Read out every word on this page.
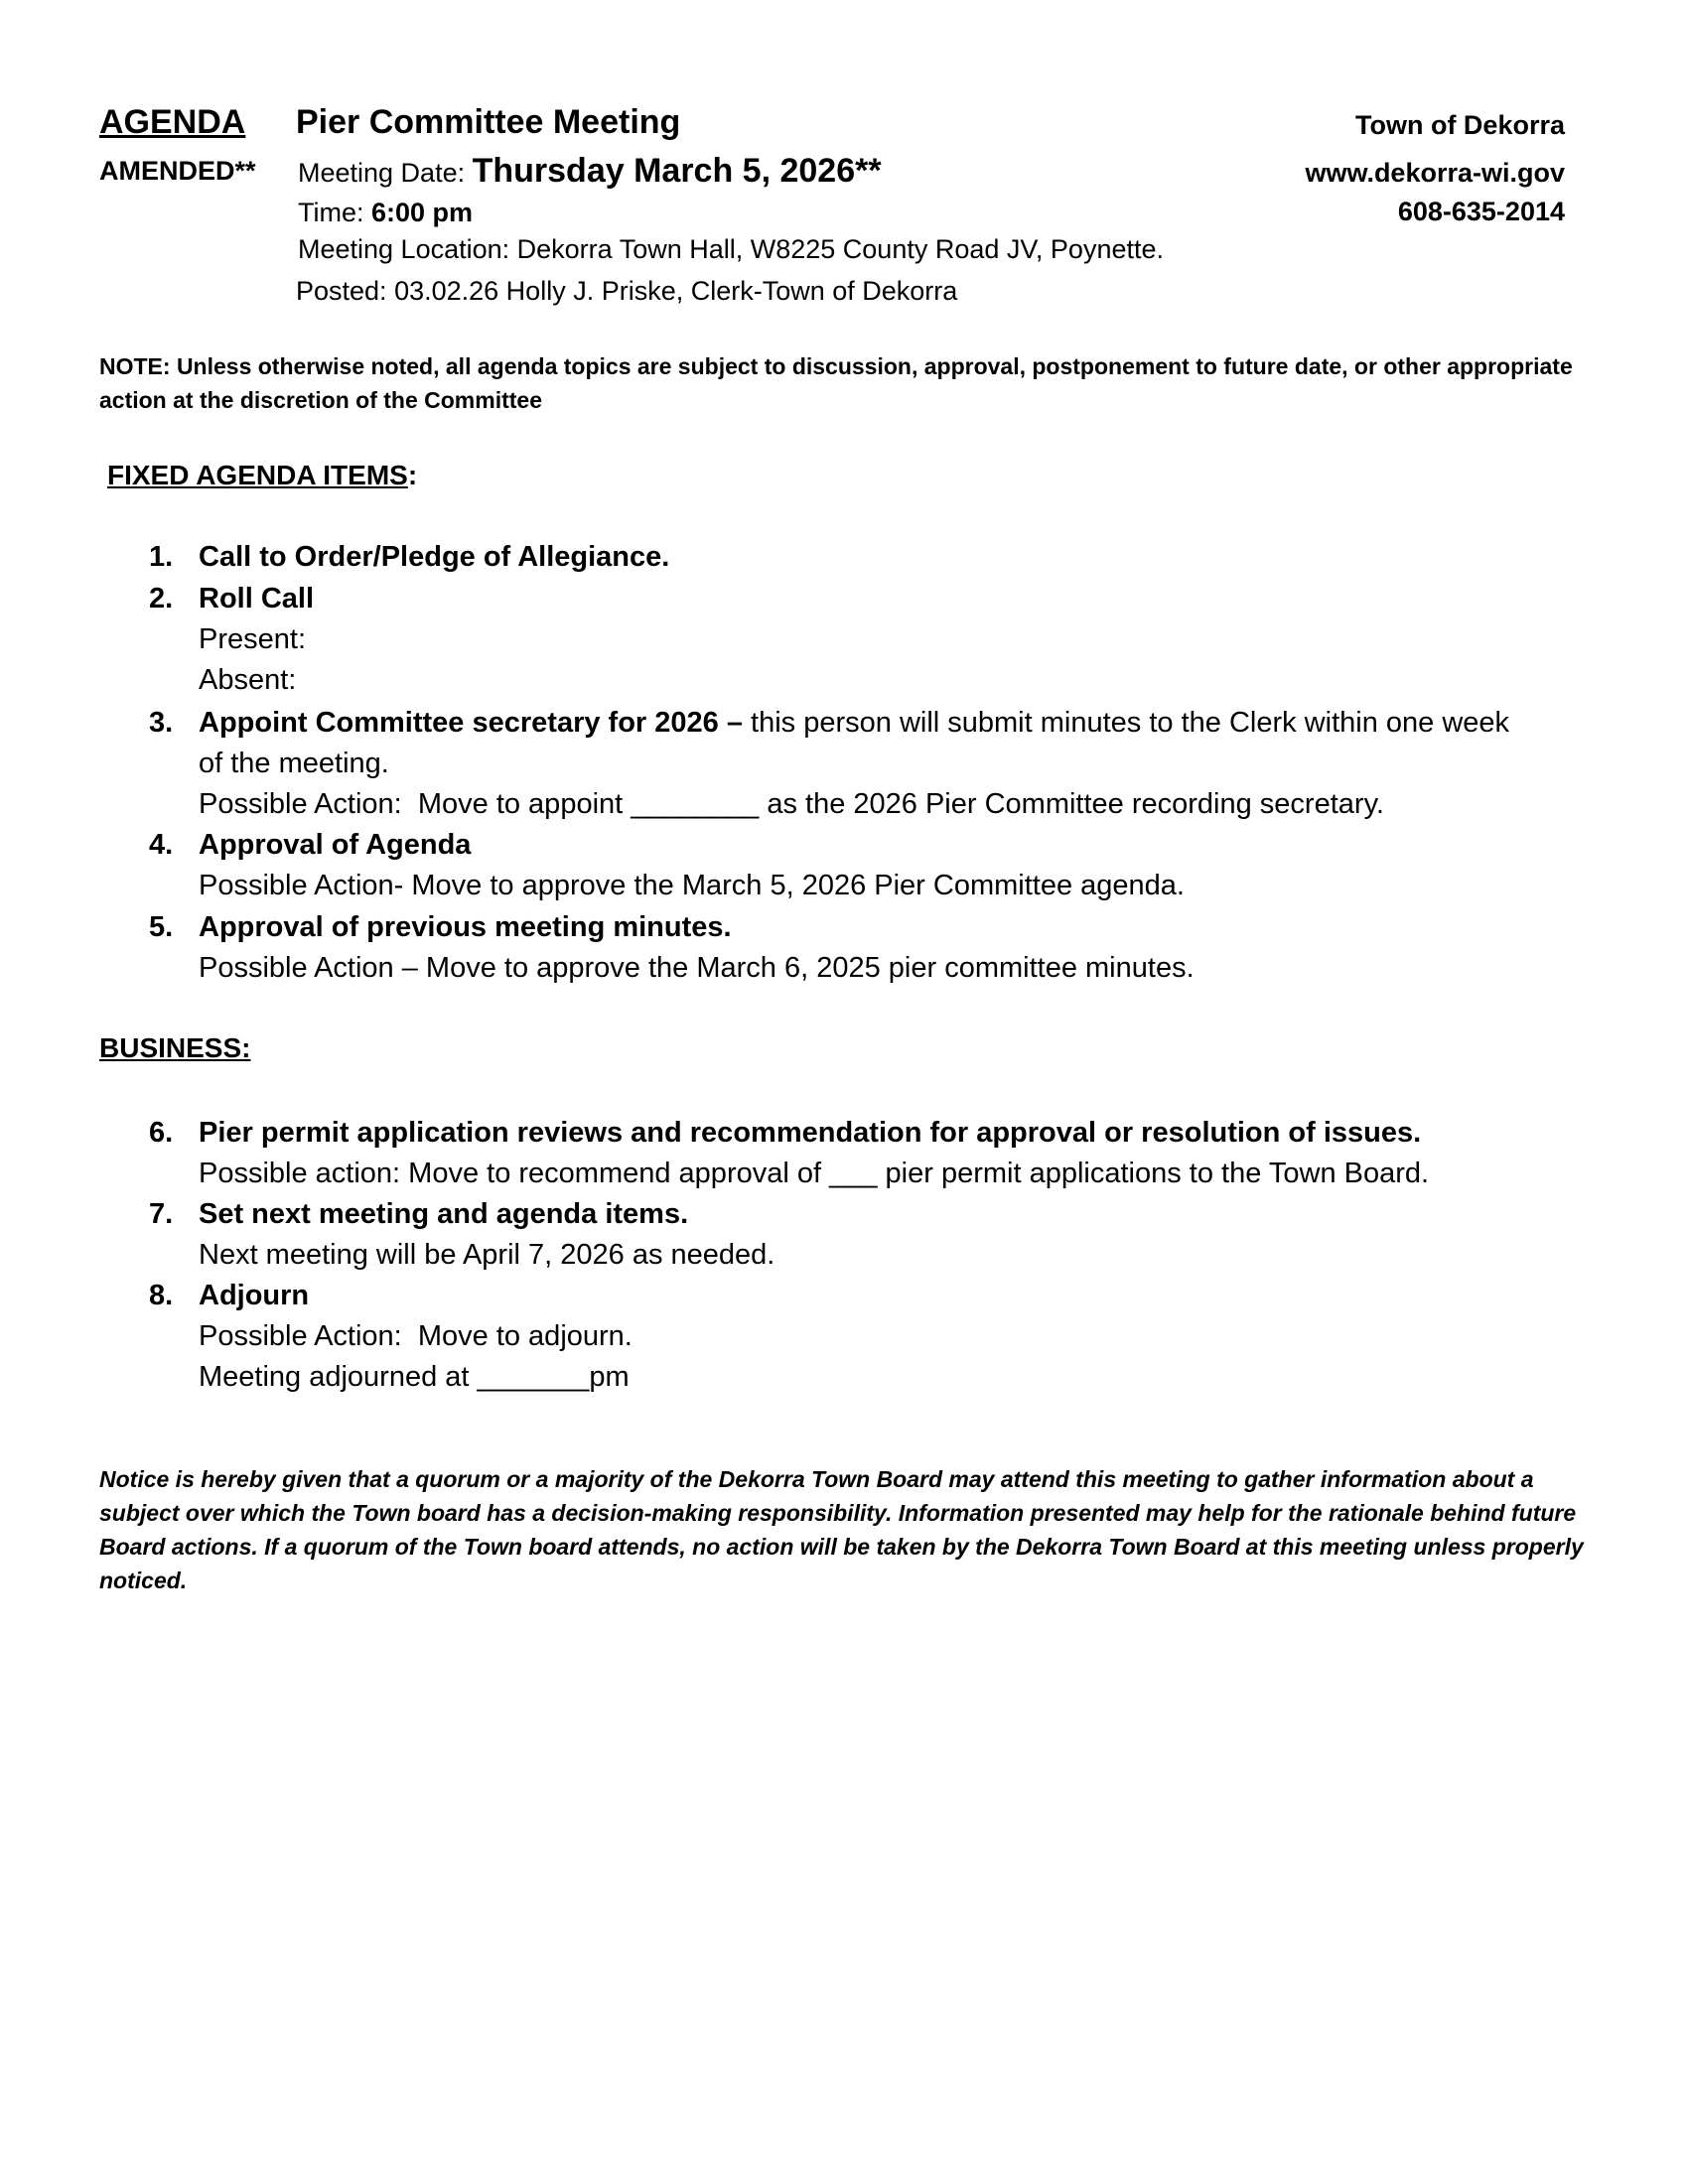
AGENDA
AMENDED**
Pier Committee Meeting
Meeting Date: Thursday March 5, 2026**
Time: 6:00 pm
Meeting Location: Dekorra Town Hall, W8225 County Road JV, Poynette.
Posted: 03.02.26 Holly J. Priske, Clerk-Town of Dekorra
Town of Dekorra
www.dekorra-wi.gov
608-635-2014
NOTE: Unless otherwise noted, all agenda topics are subject to discussion, approval, postponement to future date, or other appropriate action at the discretion of the Committee
FIXED AGENDA ITEMS:
1. Call to Order/Pledge of Allegiance.
2. Roll Call
Present:
Absent:
3. Appoint Committee secretary for 2026 – this person will submit minutes to the Clerk within one week
of the meeting.
Possible Action:  Move to appoint ________ as the 2026 Pier Committee recording secretary.
4. Approval of Agenda
Possible Action- Move to approve the March 5, 2026 Pier Committee agenda.
5. Approval of previous meeting minutes.
Possible Action – Move to approve the March 6, 2025 pier committee minutes.
BUSINESS:
6. Pier permit application reviews and recommendation for approval or resolution of issues.
Possible action: Move to recommend approval of ___ pier permit applications to the Town Board.
7. Set next meeting and agenda items.
Next meeting will be April 7, 2026 as needed.
8. Adjourn
Possible Action:  Move to adjourn.
Meeting adjourned at _______pm
Notice is hereby given that a quorum or a majority of the Dekorra Town Board may attend this meeting to gather information about a subject over which the Town board has a decision-making responsibility. Information presented may help for the rationale behind future Board actions. If a quorum of the Town board attends, no action will be taken by the Dekorra Town Board at this meeting unless properly noticed.
